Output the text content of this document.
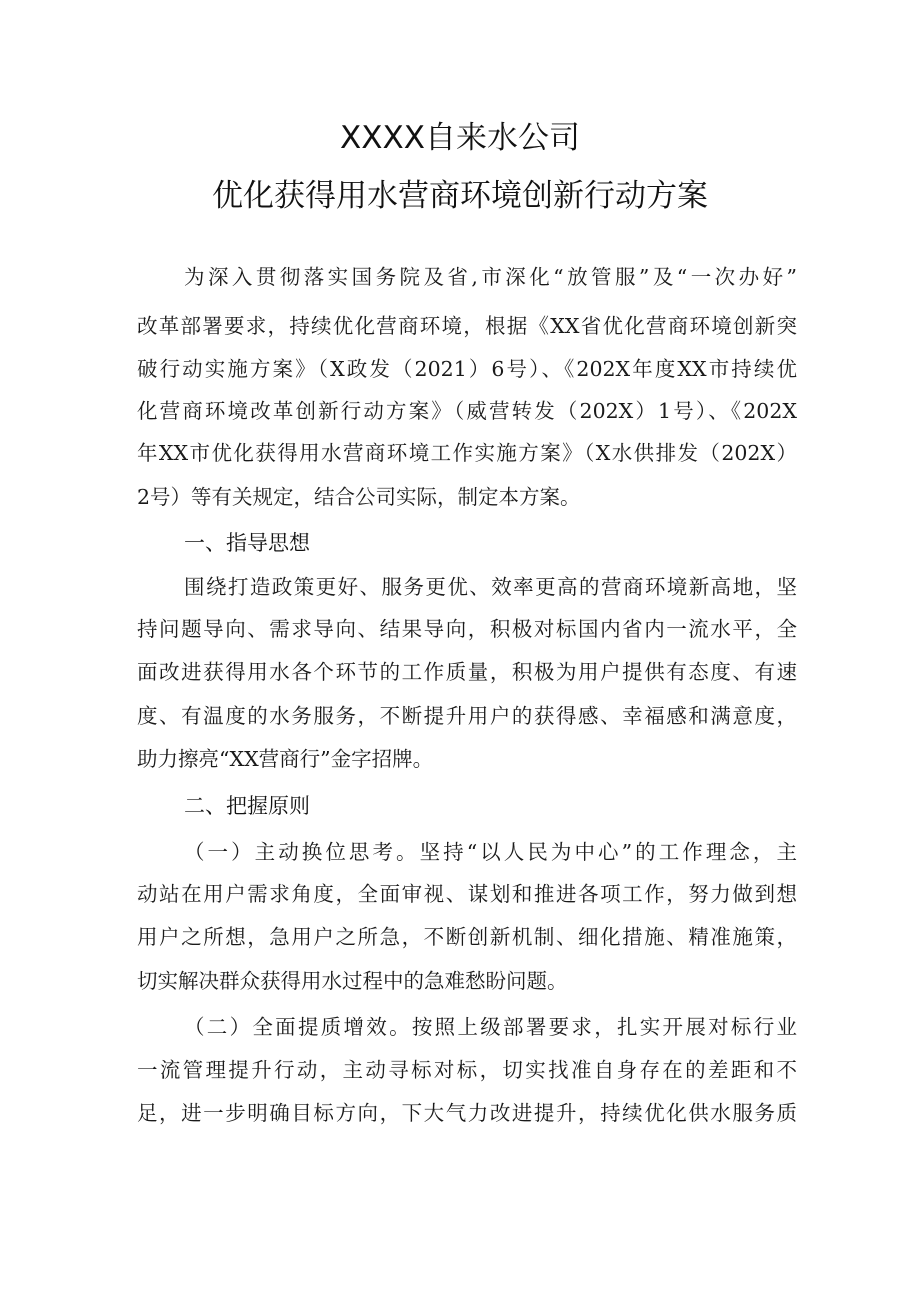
XXXX自来水公司
优化获得用水营商环境创新行动方案
为深入贯彻落实国务院及省,市深化“放管服”及“一次办好”
改革部署要求，持续优化营商环境，根据《XX省优化营商环境创新突
破行动实施方案》（X政发（2021）6号）、《202X年度XX市持续优
化营商环境改革创新行动方案》（威营转发（202X）1号）、《202X
年XX市优化获得用水营商环境工作实施方案》（X水供排发（202X）
2号）等有关规定，结合公司实际，制定本方案。
一、指导思想
围绕打造政策更好、服务更优、效率更高的营商环境新高地，坚
持问题导向、需求导向、结果导向，积极对标国内省内一流水平，全
面改进获得用水各个环节的工作质量，积极为用户提供有态度、有速
度、有温度的水务服务，不断提升用户的获得感、幸福感和满意度，
助力擦亮“XX营商行”金字招牌。
二、把握原则
（一）主动换位思考。坚持“以人民为中心”的工作理念，主
动站在用户需求角度，全面审视、谋划和推进各项工作，努力做到想
用户之所想，急用户之所急，不断创新机制、细化措施、精准施策，
切实解决群众获得用水过程中的急难愁盼问题。
（二）全面提质增效。按照上级部署要求，扎实开展对标行业
一流管理提升行动，主动寻标对标，切实找准自身存在的差距和不
足，进一步明确目标方向，下大气力改进提升，持续优化供水服务质
